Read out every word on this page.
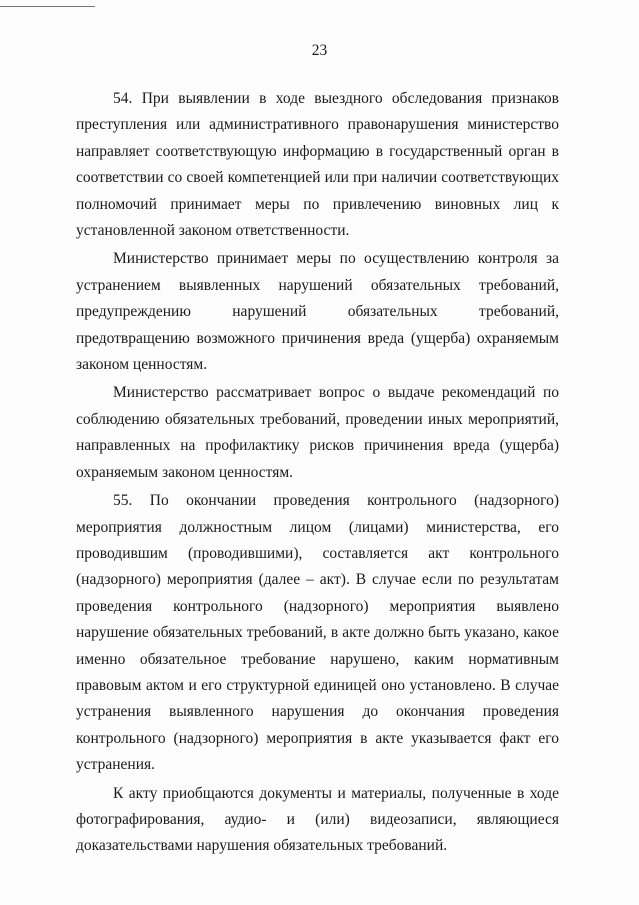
23

54. При выявлении в ходе выездного обследования признаков преступления или административного правонарушения министерство направляет соответствующую информацию в государственный орган в соответствии со своей компетенцией или при наличии соответствующих полномочий принимает меры по привлечению виновных лиц к установленной законом ответственности.

Министерство принимает меры по осуществлению контроля за устранением выявленных нарушений обязательных требований, предупреждению нарушений обязательных требований, предотвращению возможного причинения вреда (ущерба) охраняемым законом ценностям.

Министерство рассматривает вопрос о выдаче рекомендаций по соблюдению обязательных требований, проведении иных мероприятий, направленных на профилактику рисков причинения вреда (ущерба) охраняемым законом ценностям.

55. По окончании проведения контрольного (надзорного) мероприятия должностным лицом (лицами) министерства, его проводившим (проводившими), составляется акт контрольного (надзорного) мероприятия (далее – акт). В случае если по результатам проведения контрольного (надзорного) мероприятия выявлено нарушение обязательных требований, в акте должно быть указано, какое именно обязательное требование нарушено, каким нормативным правовым актом и его структурной единицей оно установлено. В случае устранения выявленного нарушения до окончания проведения контрольного (надзорного) мероприятия в акте указывается факт его устранения.

К акту приобщаются документы и материалы, полученные в ходе фотографирования, аудио- и (или) видеозаписи, являющиеся доказательствами нарушения обязательных требований.
